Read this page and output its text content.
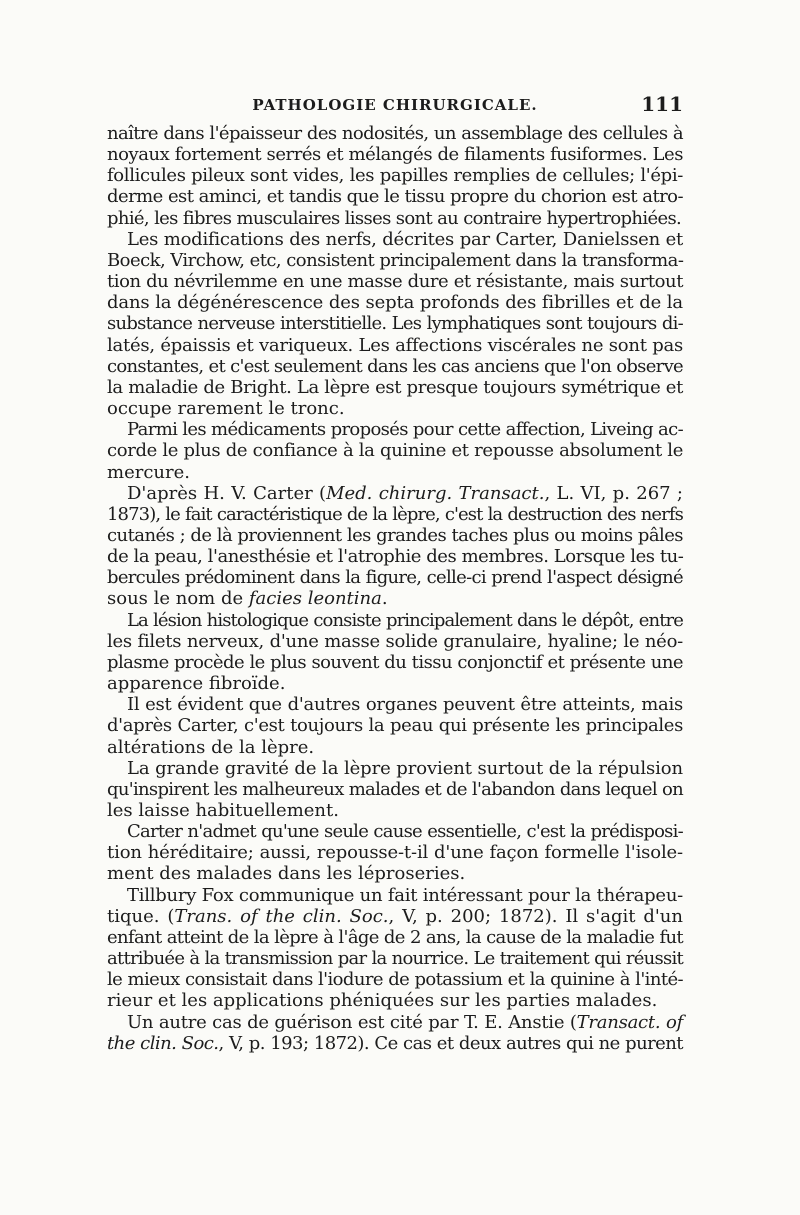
PATHOLOGIE CHIRURGICALE.	111
naître dans l'épaisseur des nodosités, un assemblage des cellules à
noyaux fortement serrés et mélangés de filaments fusiformes. Les
follicules pileux sont vides, les papilles remplies de cellules; l'épi-
derme est aminci, et tandis que le tissu propre du chorion est atro-
phié, les fibres musculaires lisses sont au contraire hypertrophiées.
Les modifications des nerfs, décrites par Carter, Danielssen et
Boeck, Virchow, etc, consistent principalement dans la transforma-
tion du névrilemme en une masse dure et résistante, mais surtout
dans la dégénérescence des septa profonds des fibrilles et de la
substance nerveuse interstitielle. Les lymphatiques sont toujours di-
latés, épaissis et variqueux. Les affections viscérales ne sont pas
constantes, et c'est seulement dans les cas anciens que l'on observe
la maladie de Bright. La lèpre est presque toujours symétrique et
occupe rarement le tronc.
Parmi les médicaments proposés pour cette affection, Liveing ac-
corde le plus de confiance à la quinine et repousse absolument le
mercure.
D'après H. V. Carter (Med. chirurg. Transact., L. VI, p. 267 ;
1873), le fait caractéristique de la lèpre, c'est la destruction des nerfs
cutanés ; de là proviennent les grandes taches plus ou moins pâles
de la peau, l'anesthésie et l'atrophie des membres. Lorsque les tu-
bercules prédominent dans la figure, celle-ci prend l'aspect désigné
sous le nom de facies leontina.
La lésion histologique consiste principalement dans le dépôt, entre
les filets nerveux, d'une masse solide granulaire, hyaline; le néo-
plasme procède le plus souvent du tissu conjonctif et présente une
apparence fibroïde.
Il est évident que d'autres organes peuvent être atteints, mais
d'après Carter, c'est toujours la peau qui présente les principales
altérations de la lèpre.
La grande gravité de la lèpre provient surtout de la répulsion
qu'inspirent les malheureux malades et de l'abandon dans lequel on
les laisse habituellement.
Carter n'admet qu'une seule cause essentielle, c'est la prédisposi-
tion héréditaire; aussi, repousse-t-il d'une façon formelle l'isole-
ment des malades dans les léproseries.
Tillbury Fox communique un fait intéressant pour la thérapeu-
tique. (Trans. of the clin. Soc., V, p. 200; 1872). Il s'agit d'un
enfant atteint de la lèpre à l'âge de 2 ans, la cause de la maladie fut
attribuée à la transmission par la nourrice. Le traitement qui réussit
le mieux consistait dans l'iodure de potassium et la quinine à l'inté-
rieur et les applications phéniquées sur les parties malades.
Un autre cas de guérison est cité par T. E. Anstie (Transact. of
the clin. Soc., V, p. 193; 1872). Ce cas et deux autres qui ne purent
